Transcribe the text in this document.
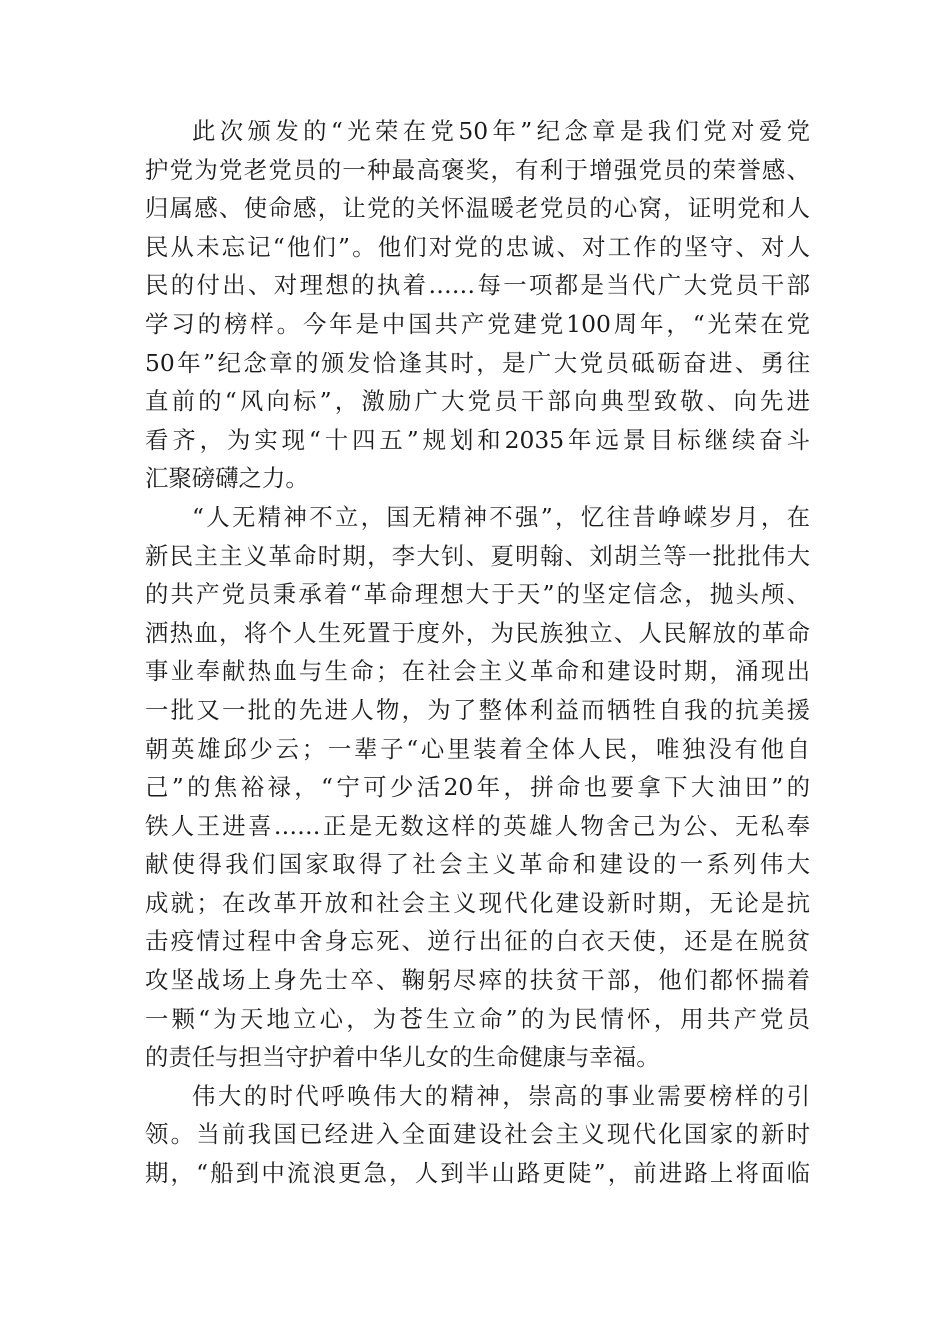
此次颁发的“光荣在党50年”纪念章是我们党对爱党
护党为党老党员的一种最高褒奖，有利于增强党员的荣誉感、
归属感、使命感，让党的关怀温暖老党员的心窝，证明党和人
民从未忘记“他们”。他们对党的忠诚、对工作的坚守、对人
民的付出、对理想的执着……每一项都是当代广大党员干部
学习的榜样。今年是中国共产党建党100周年，“光荣在党
50年”纪念章的颁发恰逢其时，是广大党员砥砺奋进、勇往
直前的“风向标”，激励广大党员干部向典型致敬、向先进
看齐，为实现“十四五”规划和2035年远景目标继续奋斗
汇聚磅礴之力。
“人无精神不立，国无精神不强”，忆往昔峥嵘岁月，在
新民主主义革命时期，李大钊、夏明翰、刘胡兰等一批批伟大
的共产党员秉承着“革命理想大于天”的坚定信念，抛头颅、
洒热血，将个人生死置于度外，为民族独立、人民解放的革命
事业奉献热血与生命；在社会主义革命和建设时期，涌现出
一批又一批的先进人物，为了整体利益而牺牲自我的抗美援
朝英雄邱少云；一辈子“心里装着全体人民，唯独没有他自
己”的焦裕禄，“宁可少活20年，拼命也要拿下大油田”的
铁人王进喜……正是无数这样的英雄人物舍己为公、无私奉
献使得我们国家取得了社会主义革命和建设的一系列伟大
成就；在改革开放和社会主义现代化建设新时期，无论是抗
击疫情过程中舍身忘死、逆行出征的白衣天使，还是在脱贫
攻坚战场上身先士卒、鞠躬尽瘁的扶贫干部，他们都怀揣着
一颗“为天地立心，为苍生立命”的为民情怀，用共产党员
的责任与担当守护着中华儿女的生命健康与幸福。
伟大的时代呼唤伟大的精神，崇高的事业需要榜样的引
领。当前我国已经进入全面建设社会主义现代化国家的新时
期，“船到中流浪更急，人到半山路更陡”，前进路上将面临
